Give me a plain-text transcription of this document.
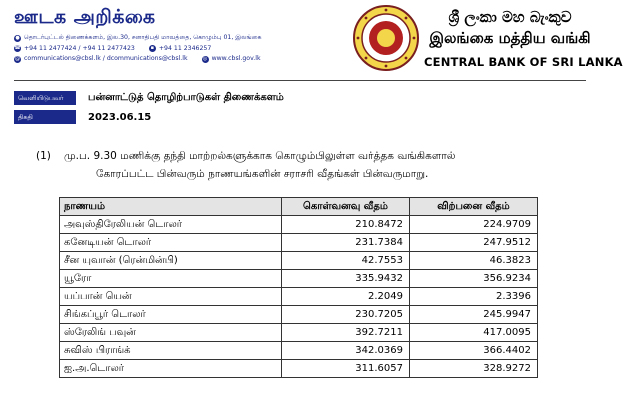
ஊடக அறிக்கை
● தொடர்புட்டல் திணைக்களம், இல.30, சனாதிபதி மாவத்தை, கொழும்பு 01, இலங்கை
☎ +94 11 2477424 / +94 11 2477423	▪ +94 11 2346257
@ communications@cbsl.lk / dcommunications@cbsl.lk	◎ www.cbsl.gov.lk
ශ්‍රී ලංකා මහ බැංකුව
இலங்கை மத்திய வங்கி
CENTRAL BANK OF SRI LANKA
வெளியிடுபவர்	பன்னாட்டுத் தொழிற்பாடுகள் திணைக்களம்
திகதி	2023.06.15
(1) மு.ப. 9.30 மணிக்கு தந்தி மாற்றல்களுக்காக கொழும்பிலுள்ள வர்த்தக வங்கிகளால்
கோரப்பட்ட பின்வரும் நாணயங்களின் சராசரி வீதங்கள் பின்வருமாறு.
நாணயம்	கொள்வனவு வீதம்	விற்பனை வீதம்
அவுஸ்திரேலியன் டொலர்	210.8472	224.9709
கனேடியன் டொலர்	231.7384	247.9512
சீன யுவான் (ரென்மின்பி)	42.7553	46.3823
யூரோ	335.9432	356.9234
யப்பான் யென்	2.2049	2.3396
சிங்கப்பூர் டொலர்	230.7205	245.9947
ஸ்ரேலிங் பவுன்	392.7211	417.0095
சுவிஸ் பிராங்க்	342.0369	366.4402
ஐ.அ.டொலர்	311.6057	328.9272
